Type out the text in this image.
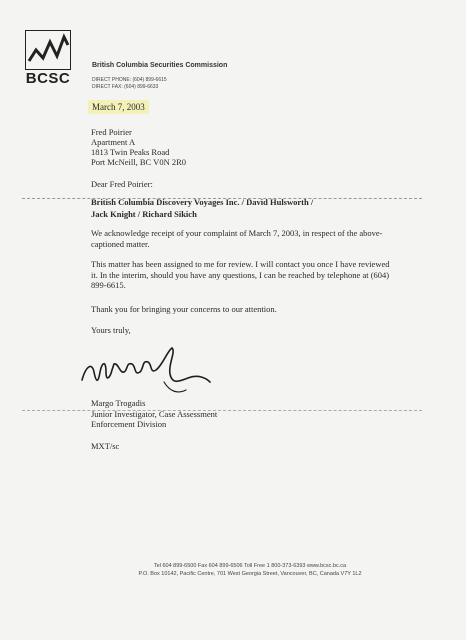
BCSC
British Columbia Securities Commission
DIRECT PHONE: (604) 899-6615
DIRECT FAX: (604) 899-6633
March 7, 2003
Fred Poirier
Apartment A
1813 Twin Peaks Road
Port McNeill, BC V0N 2R0
Dear Fred Poirier:
British Columbia Discovery Voyages Inc. / David Hulsworth /
Jack Knight / Richard Sikich
We acknowledge receipt of your complaint of March 7, 2003, in respect of the above-captioned matter.
This matter has been assigned to me for review. I will contact you once I have reviewed it. In the interim, should you have any questions, I can be reached by telephone at (604) 899-6615.
Thank you for bringing your concerns to our attention.
Yours truly,
Margo Trogadis
Junior Investigator, Case Assessment
Enforcement Division
MXT/sc
Tel 604 899-6500 Fax 604 899-6506 Toll Free 1 800-373-6393 www.bcsc.bc.ca
P.O. Box 10142, Pacific Centre, 701 West Georgia Street, Vancouver, BC, Canada V7Y 1L2
